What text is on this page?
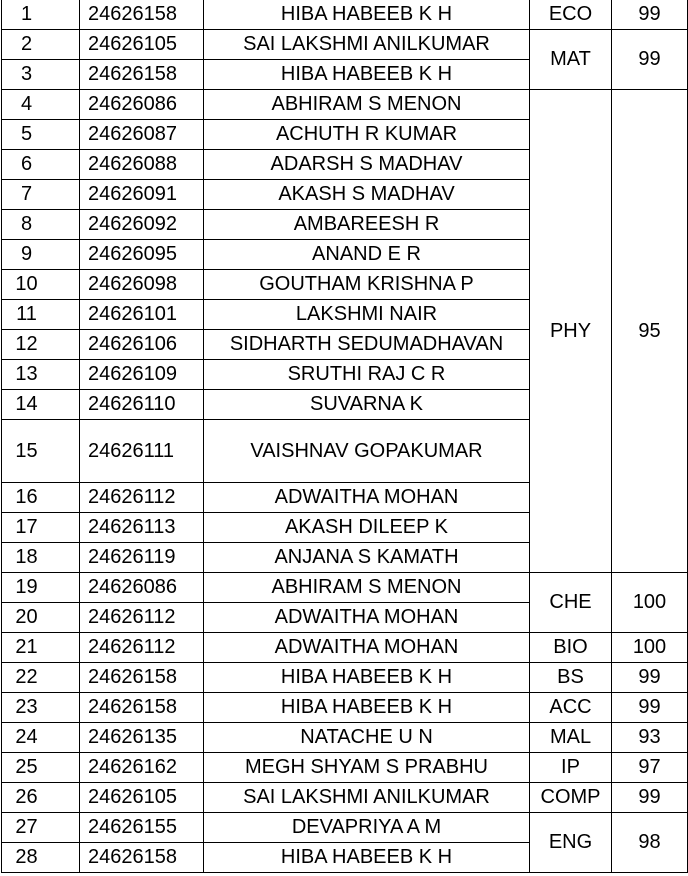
1	24626158	HIBA HABEEB K H	ECO	99
2	24626105	SAI LAKSHMI ANILKUMAR	MAT	99
3	24626158	HIBA HABEEB K H		
4	24626086	ABHIRAM S MENON	PHY	95
5	24626087	ACHUTH R KUMAR		
6	24626088	ADARSH S MADHAV		
7	24626091	AKASH S MADHAV		
8	24626092	AMBAREESH R		
9	24626095	ANAND E R		
10	24626098	GOUTHAM KRISHNA P		
11	24626101	LAKSHMI NAIR		
12	24626106	SIDHARTH SEDUMADHAVAN		
13	24626109	SRUTHI RAJ C R		
14	24626110	SUVARNA K		
15	24626111	VAISHNAV GOPAKUMAR		
16	24626112	ADWAITHA MOHAN		
17	24626113	AKASH DILEEP K		
18	24626119	ANJANA S KAMATH		
19	24626086	ABHIRAM S MENON	CHE	100
20	24626112	ADWAITHA MOHAN		
21	24626112	ADWAITHA MOHAN	BIO	100
22	24626158	HIBA HABEEB K H	BS	99
23	24626158	HIBA HABEEB K H	ACC	99
24	24626135	NATACHE U N	MAL	93
25	24626162	MEGH SHYAM S PRABHU	IP	97
26	24626105	SAI LAKSHMI ANILKUMAR	COMP	99
27	24626155	DEVAPRIYA A M	ENG	98
28	24626158	HIBA HABEEB K H		
